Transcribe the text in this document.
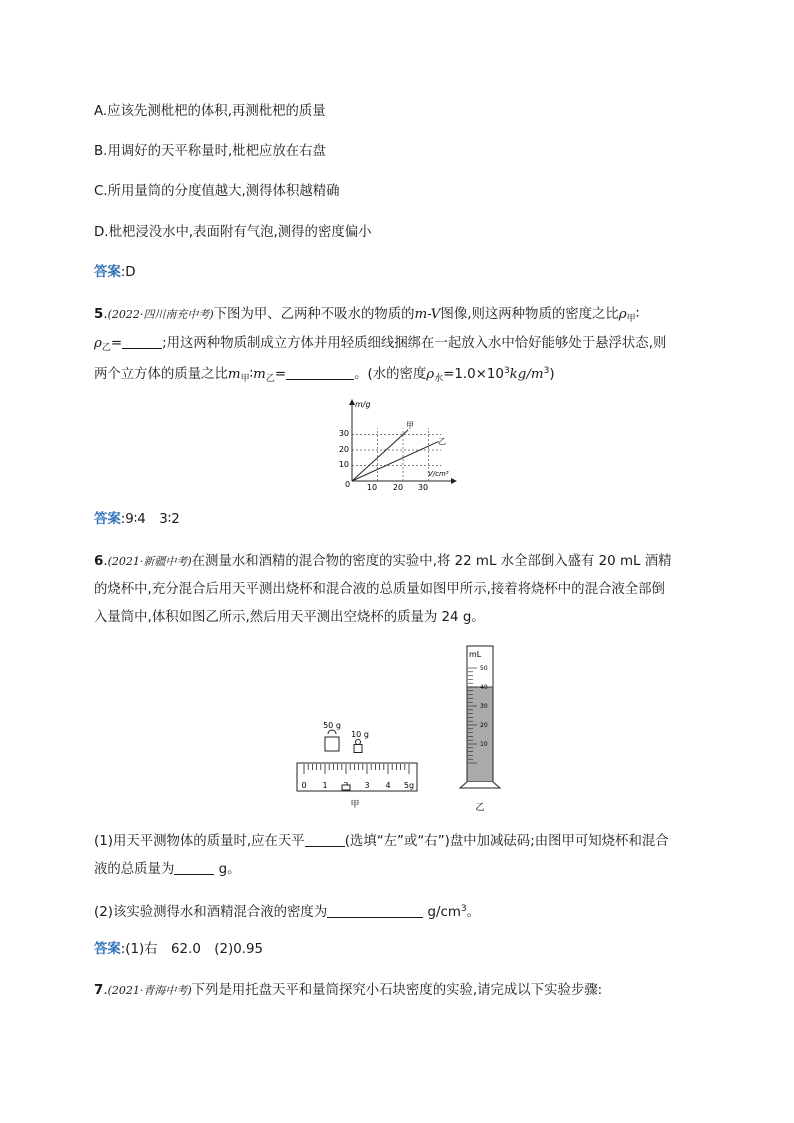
A.应该先测枇杷的体积,再测枇杷的质量
B.用调好的天平称量时,枇杷应放在右盘
C.所用量筒的分度值越大,测得体积越精确
D.枇杷浸没水中,表面附有气泡,测得的密度偏小
答案:D
5.(2022·四川南充中考)下图为甲、乙两种不吸水的物质的m-V图像,则这两种物质的密度之比$\rho_甲∶$
$\rho_乙=$	;用这两种物质制成立方体并用轻质细线捆绑在一起放入水中恰好能够处于悬浮状态,则
两个立方体的质量之比$m_甲∶m_乙=$	。(水的密度$\rho_水=1.0\times 10^3kg/m^3$)
m/g
V/cm³
0 10 20 30
10
20
30
甲
乙
答案:9∶4　3∶2
6.(2021·新疆中考)在测量水和酒精的混合物的密度的实验中,将 22 mL 水全部倒入盛有 20 mL 酒精
的烧杯中,充分混合后用天平测出烧杯和混合液的总质量如图甲所示,接着将烧杯中的混合液全部倒
入量筒中,体积如图乙所示,然后用天平测出空烧杯的质量为 24 g。
50 g
10 g
0 1	3 4 5g
甲
mL
50
40
30
20
10
乙
(1)用天平测物体的质量时,应在天平	(选填“左”或“右”)盘中加减砝码;由图甲可知烧杯和混合
液的总质量为	g。
(2)该实验测得水和酒精混合液的密度为	$g/cm^3$。
答案:(1)右　62.0　(2)0.95
7.(2021·青海中考)下列是用托盘天平和量筒探究小石块密度的实验,请完成以下实验步骤:
